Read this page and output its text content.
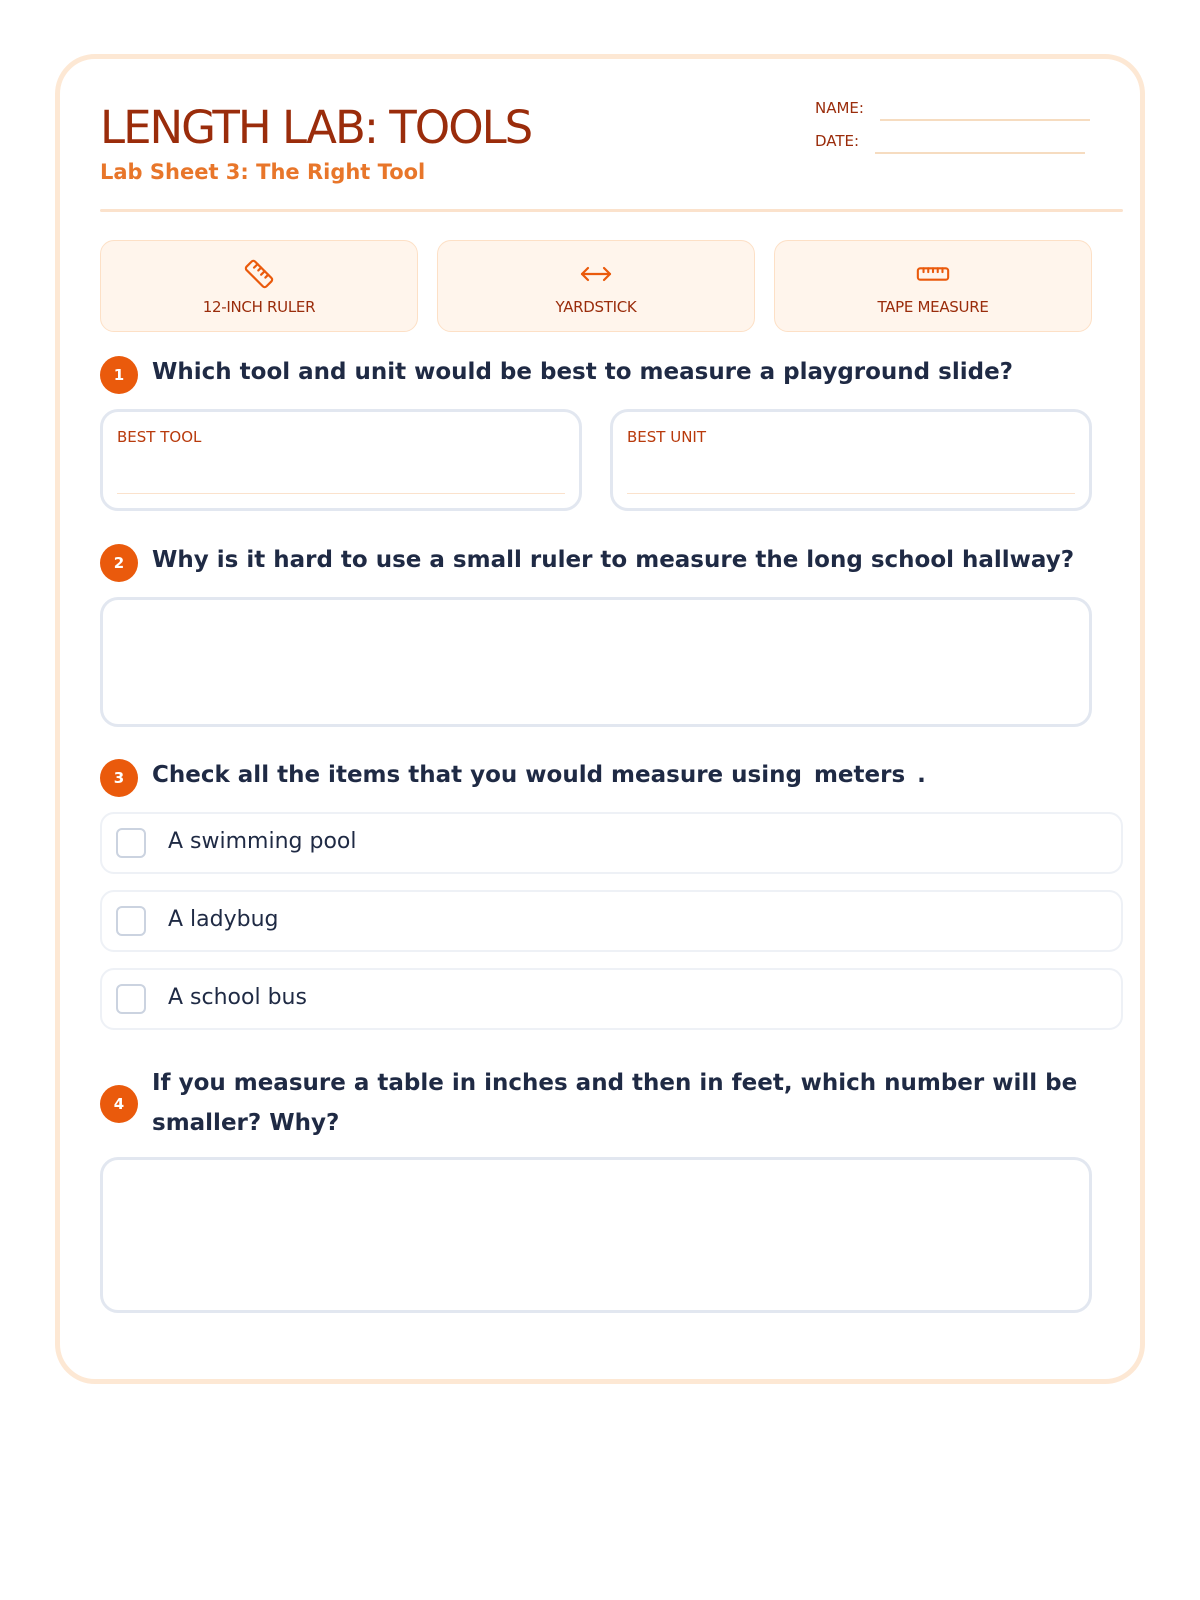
LENGTH LAB: TOOLS
Lab Sheet 3: The Right Tool
NAME:
DATE:
12-INCH RULER	YARDSTICK	TAPE MEASURE
1	Which tool and unit would be best to measure a playground slide?
BEST TOOL	BEST UNIT
2	Why is it hard to use a small ruler to measure the long school hallway?
3	Check all the items that you would measure using meters .
A swimming pool
A ladybug
A school bus
4
If you measure a table in inches and then in feet, which number will be smaller? Why?
